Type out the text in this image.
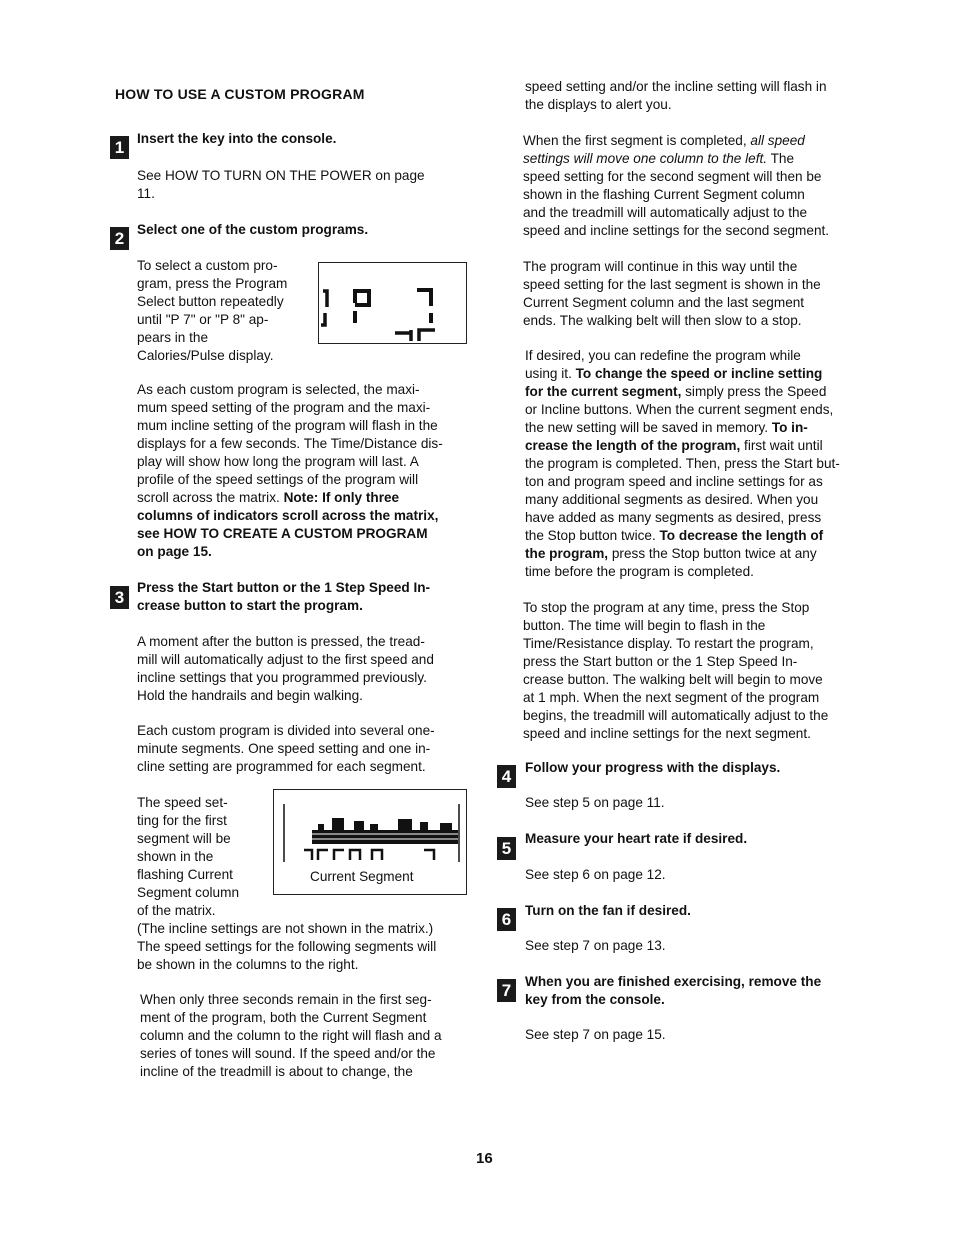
HOW TO USE A CUSTOM PROGRAM
1 Insert the key into the console.

See HOW TO TURN ON THE POWER on page

11.

2 Select one of the custom programs.

To select a custom pro-

gram, press the Program

Select button repeatedly

until "P 7" or "P 8" ap-

pears in the

Calories/Pulse display.

As each custom program is selected, the maxi-

mum speed setting of the program and the maxi-

mum incline setting of the program will flash in the

displays for a few seconds. The Time/Distance dis-

play will show how long the program will last. A

profile of the speed settings of the program will

scroll across the matrix. Note: If only three

columns of indicators scroll across the matrix,

see HOW TO CREATE A CUSTOM PROGRAM

on page 15.

3
Press the Start button or the 1 Step Speed In-
crease button to start the program.

A moment after the button is pressed, the tread-

mill will automatically adjust to the first speed and

incline settings that you programmed previously.

Hold the handrails and begin walking.

Each custom program is divided into several one-

minute segments. One speed setting and one in-

cline setting are programmed for each segment.

The speed set-

ting for the first

segment will be

shown in the

flashing Current

Segment column

of the matrix.

Current Segment

(The incline settings are not shown in the matrix.)

The speed settings for the following segments will

be shown in the columns to the right.

When only three seconds remain in the first seg-

ment of the program, both the Current Segment

column and the column to the right will flash and a

series of tones will sound. If the speed and/or the

incline of the treadmill is about to change, the

speed setting and/or the incline setting will flash in

the displays to alert you.

When the first segment is completed, all speed

settings will move one column to the left. The

speed setting for the second segment will then be

shown in the flashing Current Segment column

and the treadmill will automatically adjust to the

speed and incline settings for the second segment.

The program will continue in this way until the

speed setting for the last segment is shown in the

Current Segment column and the last segment

ends. The walking belt will then slow to a stop.

If desired, you can redefine the program while

using it. To change the speed or incline setting

for the current segment, simply press the Speed

or Incline buttons. When the current segment ends,

the new setting will be saved in memory. To in-

crease the length of the program, first wait until

the program is completed. Then, press the Start but-

ton and program speed and incline settings for as

many additional segments as desired. When you

have added as many segments as desired, press

the Stop button twice. To decrease the length of

the program, press the Stop button twice at any

time before the program is completed.

To stop the program at any time, press the Stop

button. The time will begin to flash in the

Time/Resistance display. To restart the program,

press the Start button or the 1 Step Speed In-

crease button. The walking belt will begin to move

at 1 mph. When the next segment of the program

begins, the treadmill will automatically adjust to the

speed and incline settings for the next segment.

4	Follow your progress with the displays.

See step 5 on page 11.

5
Measure your heart rate if desired.

See step 6 on page 12.

6	Turn on the fan if desired.

See step 7 on page 13.

7	When you are finished exercising, remove the
key from the console.

See step 7 on page 15.

16
